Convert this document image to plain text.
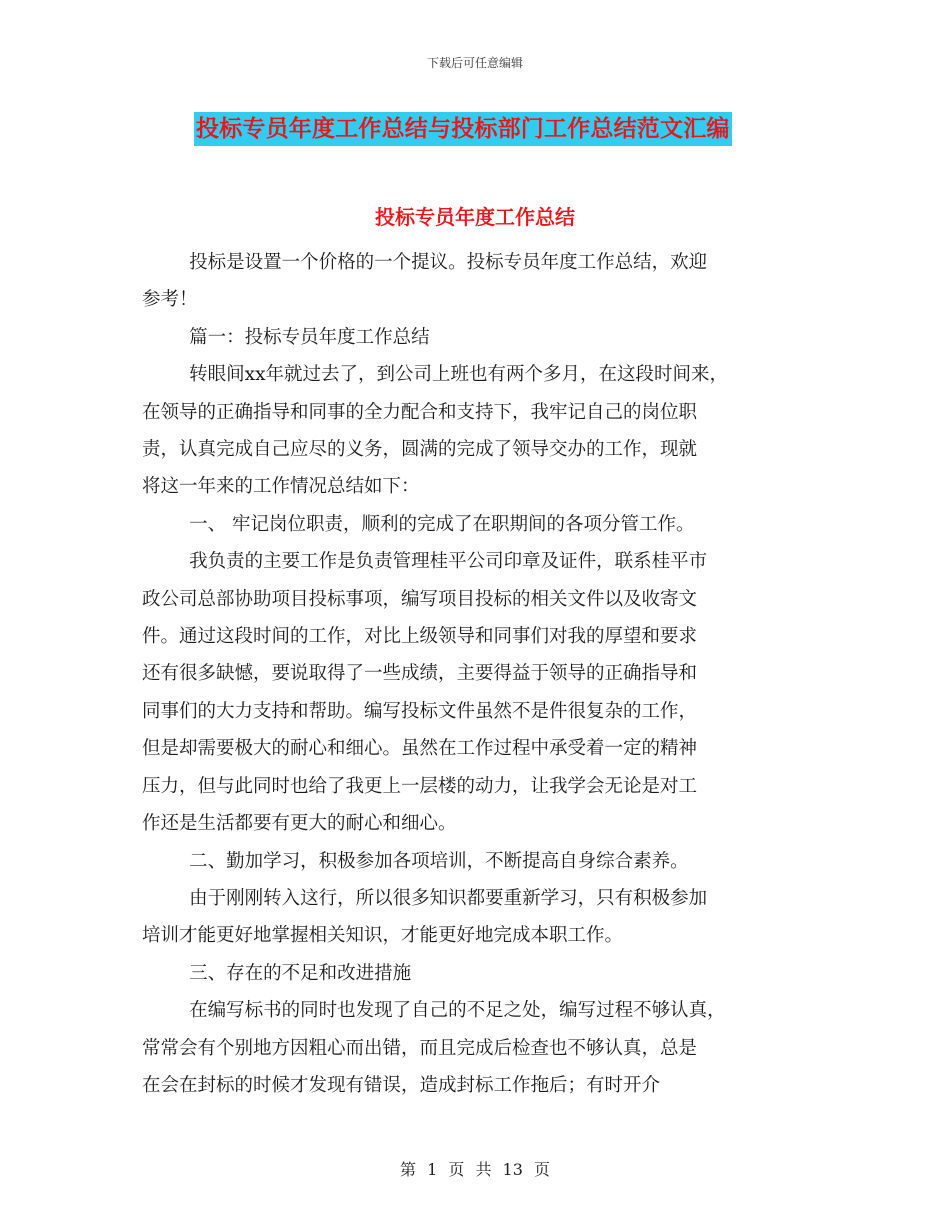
下载后可任意编辑
投标专员年度工作总结与投标部门工作总结范文汇编
投标专员年度工作总结

投标是设置一个价格的一个提议。投标专员年度工作总结，欢迎
参考！

篇一：投标专员年度工作总结

转眼间xx年就过去了，到公司上班也有两个多月，在这段时间来，
在领导的正确指导和同事的全力配合和支持下，我牢记自己的岗位职
责，认真完成自己应尽的义务，圆满的完成了领导交办的工作，现就
将这一年来的工作情况总结如下：

一、 牢记岗位职责，顺利的完成了在职期间的各项分管工作。

我负责的主要工作是负责管理桂平公司印章及证件，联系桂平市
政公司总部协助项目投标事项，编写项目投标的相关文件以及收寄文
件。通过这段时间的工作，对比上级领导和同事们对我的厚望和要求
还有很多缺憾，要说取得了一些成绩，主要得益于领导的正确指导和
同事们的大力支持和帮助。编写投标文件虽然不是件很复杂的工作，
但是却需要极大的耐心和细心。虽然在工作过程中承受着一定的精神
压力，但与此同时也给了我更上一层楼的动力，让我学会无论是对工
作还是生活都要有更大的耐心和细心。

二、勤加学习，积极参加各项培训，不断提高自身综合素养。

由于刚刚转入这行，所以很多知识都要重新学习，只有积极参加
培训才能更好地掌握相关知识，才能更好地完成本职工作。

三、存在的不足和改进措施

在编写标书的同时也发现了自己的不足之处，编写过程不够认真，
常常会有个别地方因粗心而出错，而且完成后检查也不够认真，总是
在会在封标的时候才发现有错误，造成封标工作拖后；有时开介

第 1 页 共 13 页
